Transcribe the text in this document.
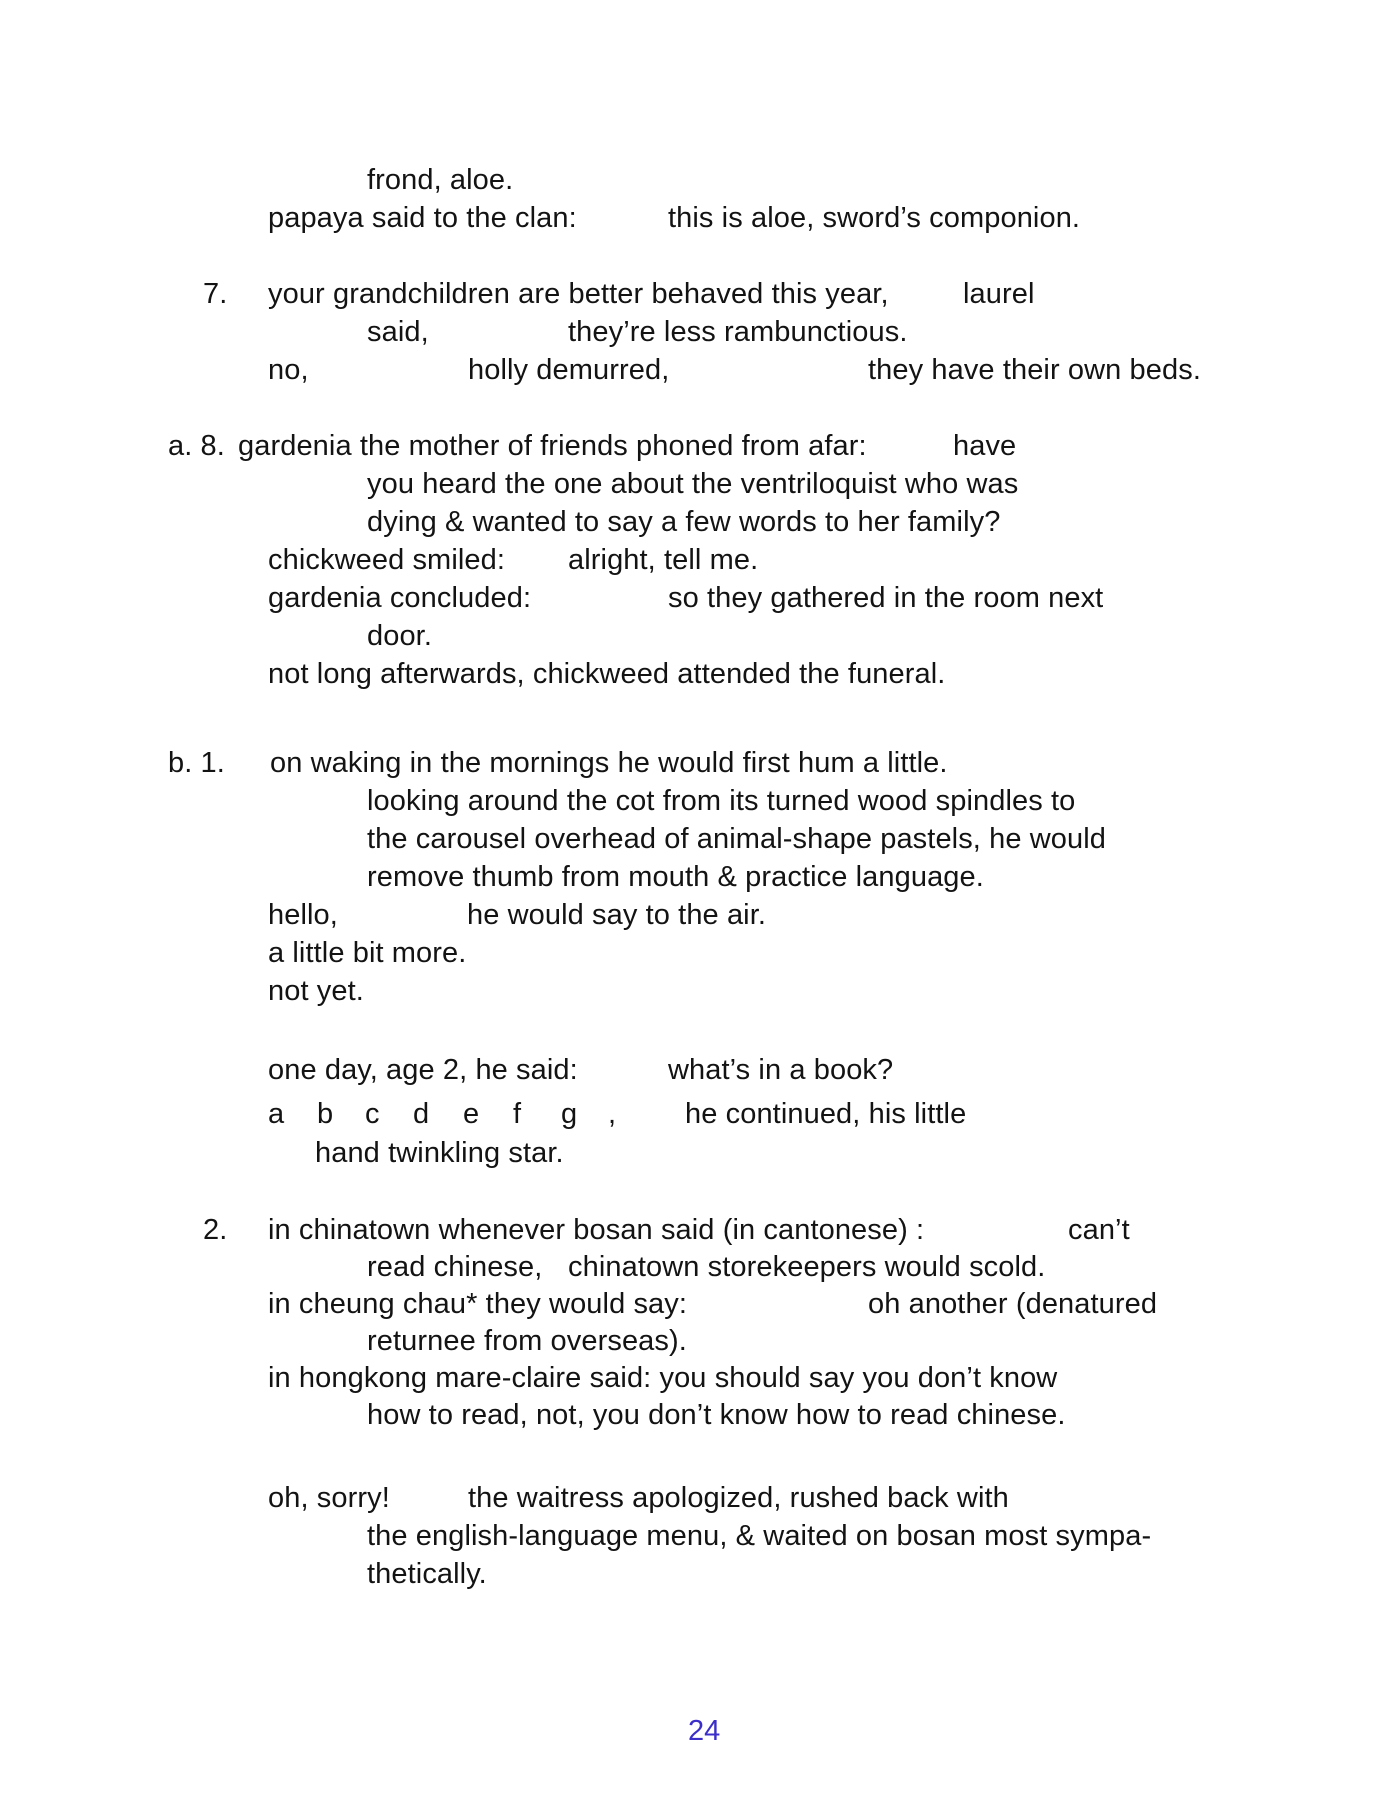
frond, aloe.
papaya said to the clan:	this is aloe, sword’s componion.
7. your grandchildren are better behaved this year,	laurel
said,	they’re less rambunctious.
no,	holly demurred,	they have their own beds.
a. 8. gardenia the mother of friends phoned from afar:	have
you heard the one about the ventriloquist who was
dying & wanted to say a few words to her family?
chickweed smiled: alright, tell me.
gardenia concluded:	so they gathered in the room next
door.
not long afterwards, chickweed attended the funeral.
b. 1. on waking in the mornings he would first hum a little.
looking around the cot from its turned wood spindles to
the carousel overhead of animal-shape pastels, he would
remove thumb from mouth & practice language.
hello,	he would say to the air.
a little bit more.
not yet.
one day, age 2, he said:	what’s in a book?
a b c d e f g , he continued, his little
hand twinkling star.
2. in chinatown whenever bosan said (in cantonese) :	can’t
read chinese, chinatown storekeepers would scold.
in cheung chau* they would say:	oh another (denatured
returnee from overseas).
in hongkong mare-claire said: you should say you don’t know
how to read, not, you don’t know how to read chinese.
oh, sorry!	the waitress apologized, rushed back with
the english-language menu, & waited on bosan most sympa-
thetically.
24
